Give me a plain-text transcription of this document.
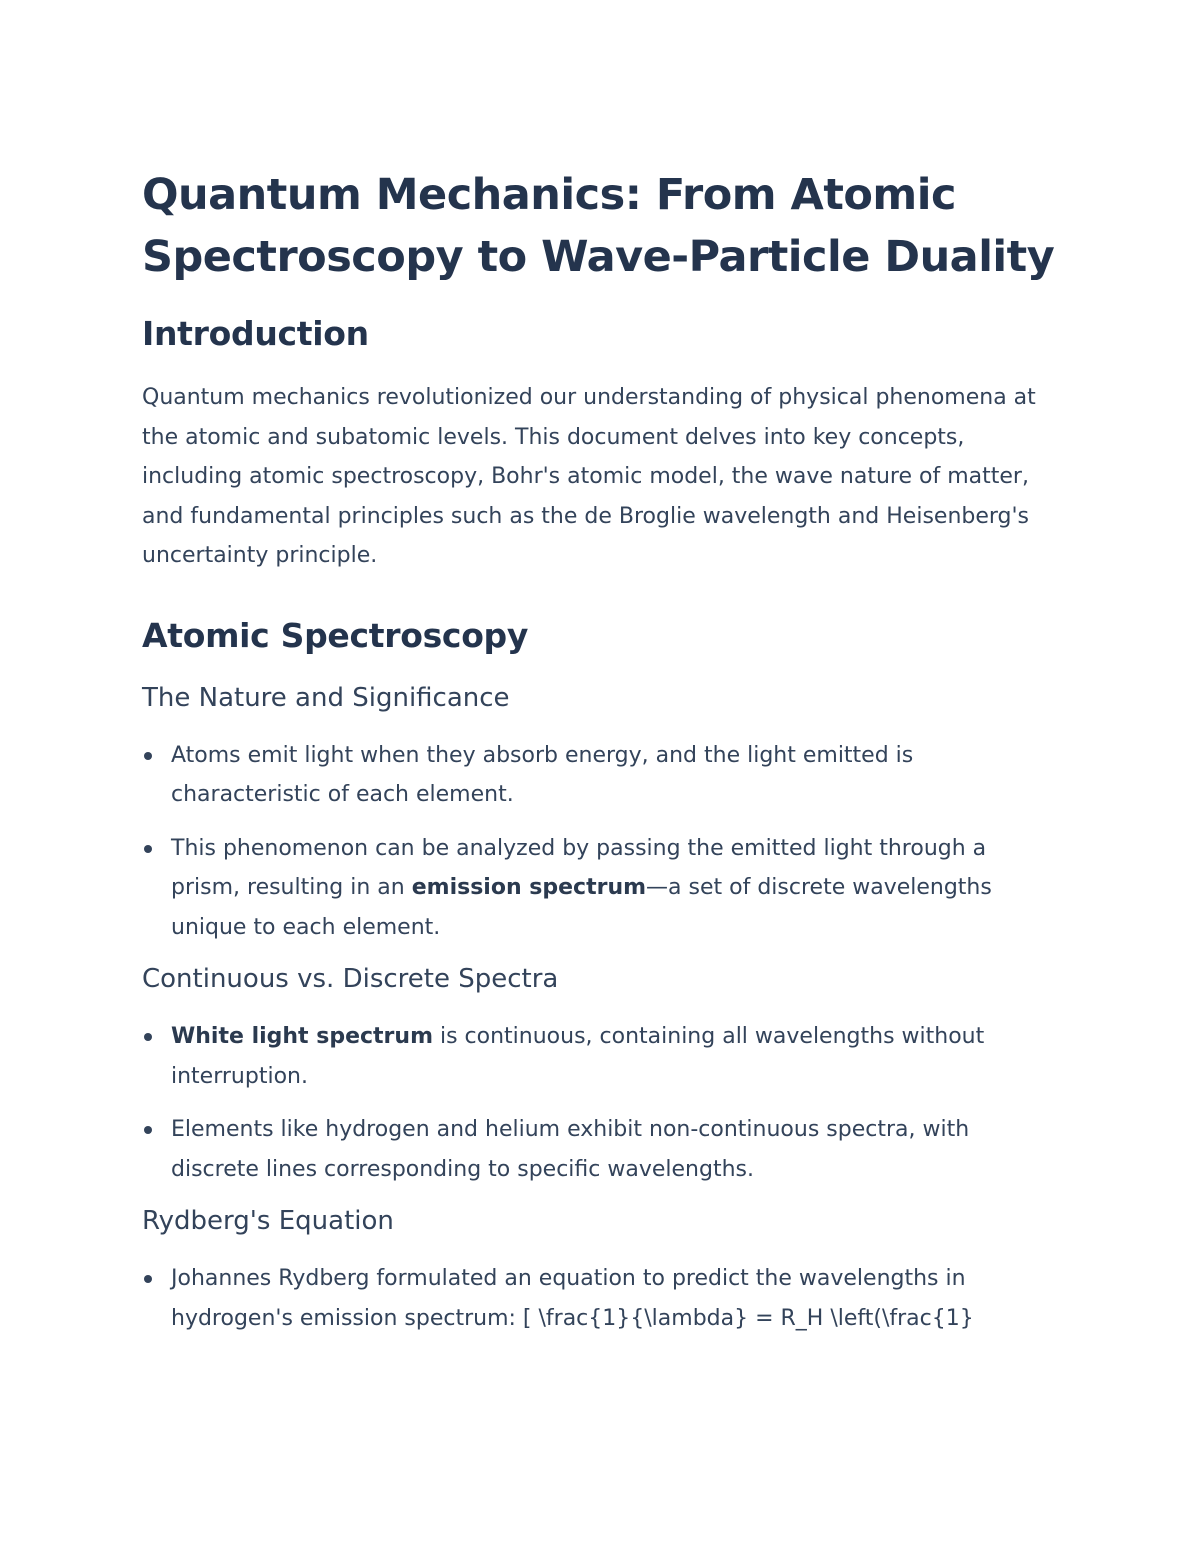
Quantum Mechanics: From Atomic Spectroscopy to Wave-Particle Duality
Introduction

Quantum mechanics revolutionized our understanding of physical phenomena at the atomic and subatomic levels. This document delves into key concepts, including atomic spectroscopy, Bohr's atomic model, the wave nature of matter, and fundamental principles such as the de Broglie wavelength and Heisenberg's uncertainty principle.

Atomic Spectroscopy
The Nature and Significance
Atoms emit light when they absorb energy, and the light emitted is characteristic of each element.
This phenomenon can be analyzed by passing the emitted light through a prism, resulting in an emission spectrum—a set of discrete wavelengths unique to each element.
Continuous vs. Discrete Spectra
White light spectrum is continuous, containing all wavelengths without interruption.
Elements like hydrogen and helium exhibit non-continuous spectra, with discrete lines corresponding to specific wavelengths.
Rydberg's Equation
Johannes Rydberg formulated an equation to predict the wavelengths in hydrogen's emission spectrum: [ \frac{1}{\lambda} = R_H \left(\frac{1}
